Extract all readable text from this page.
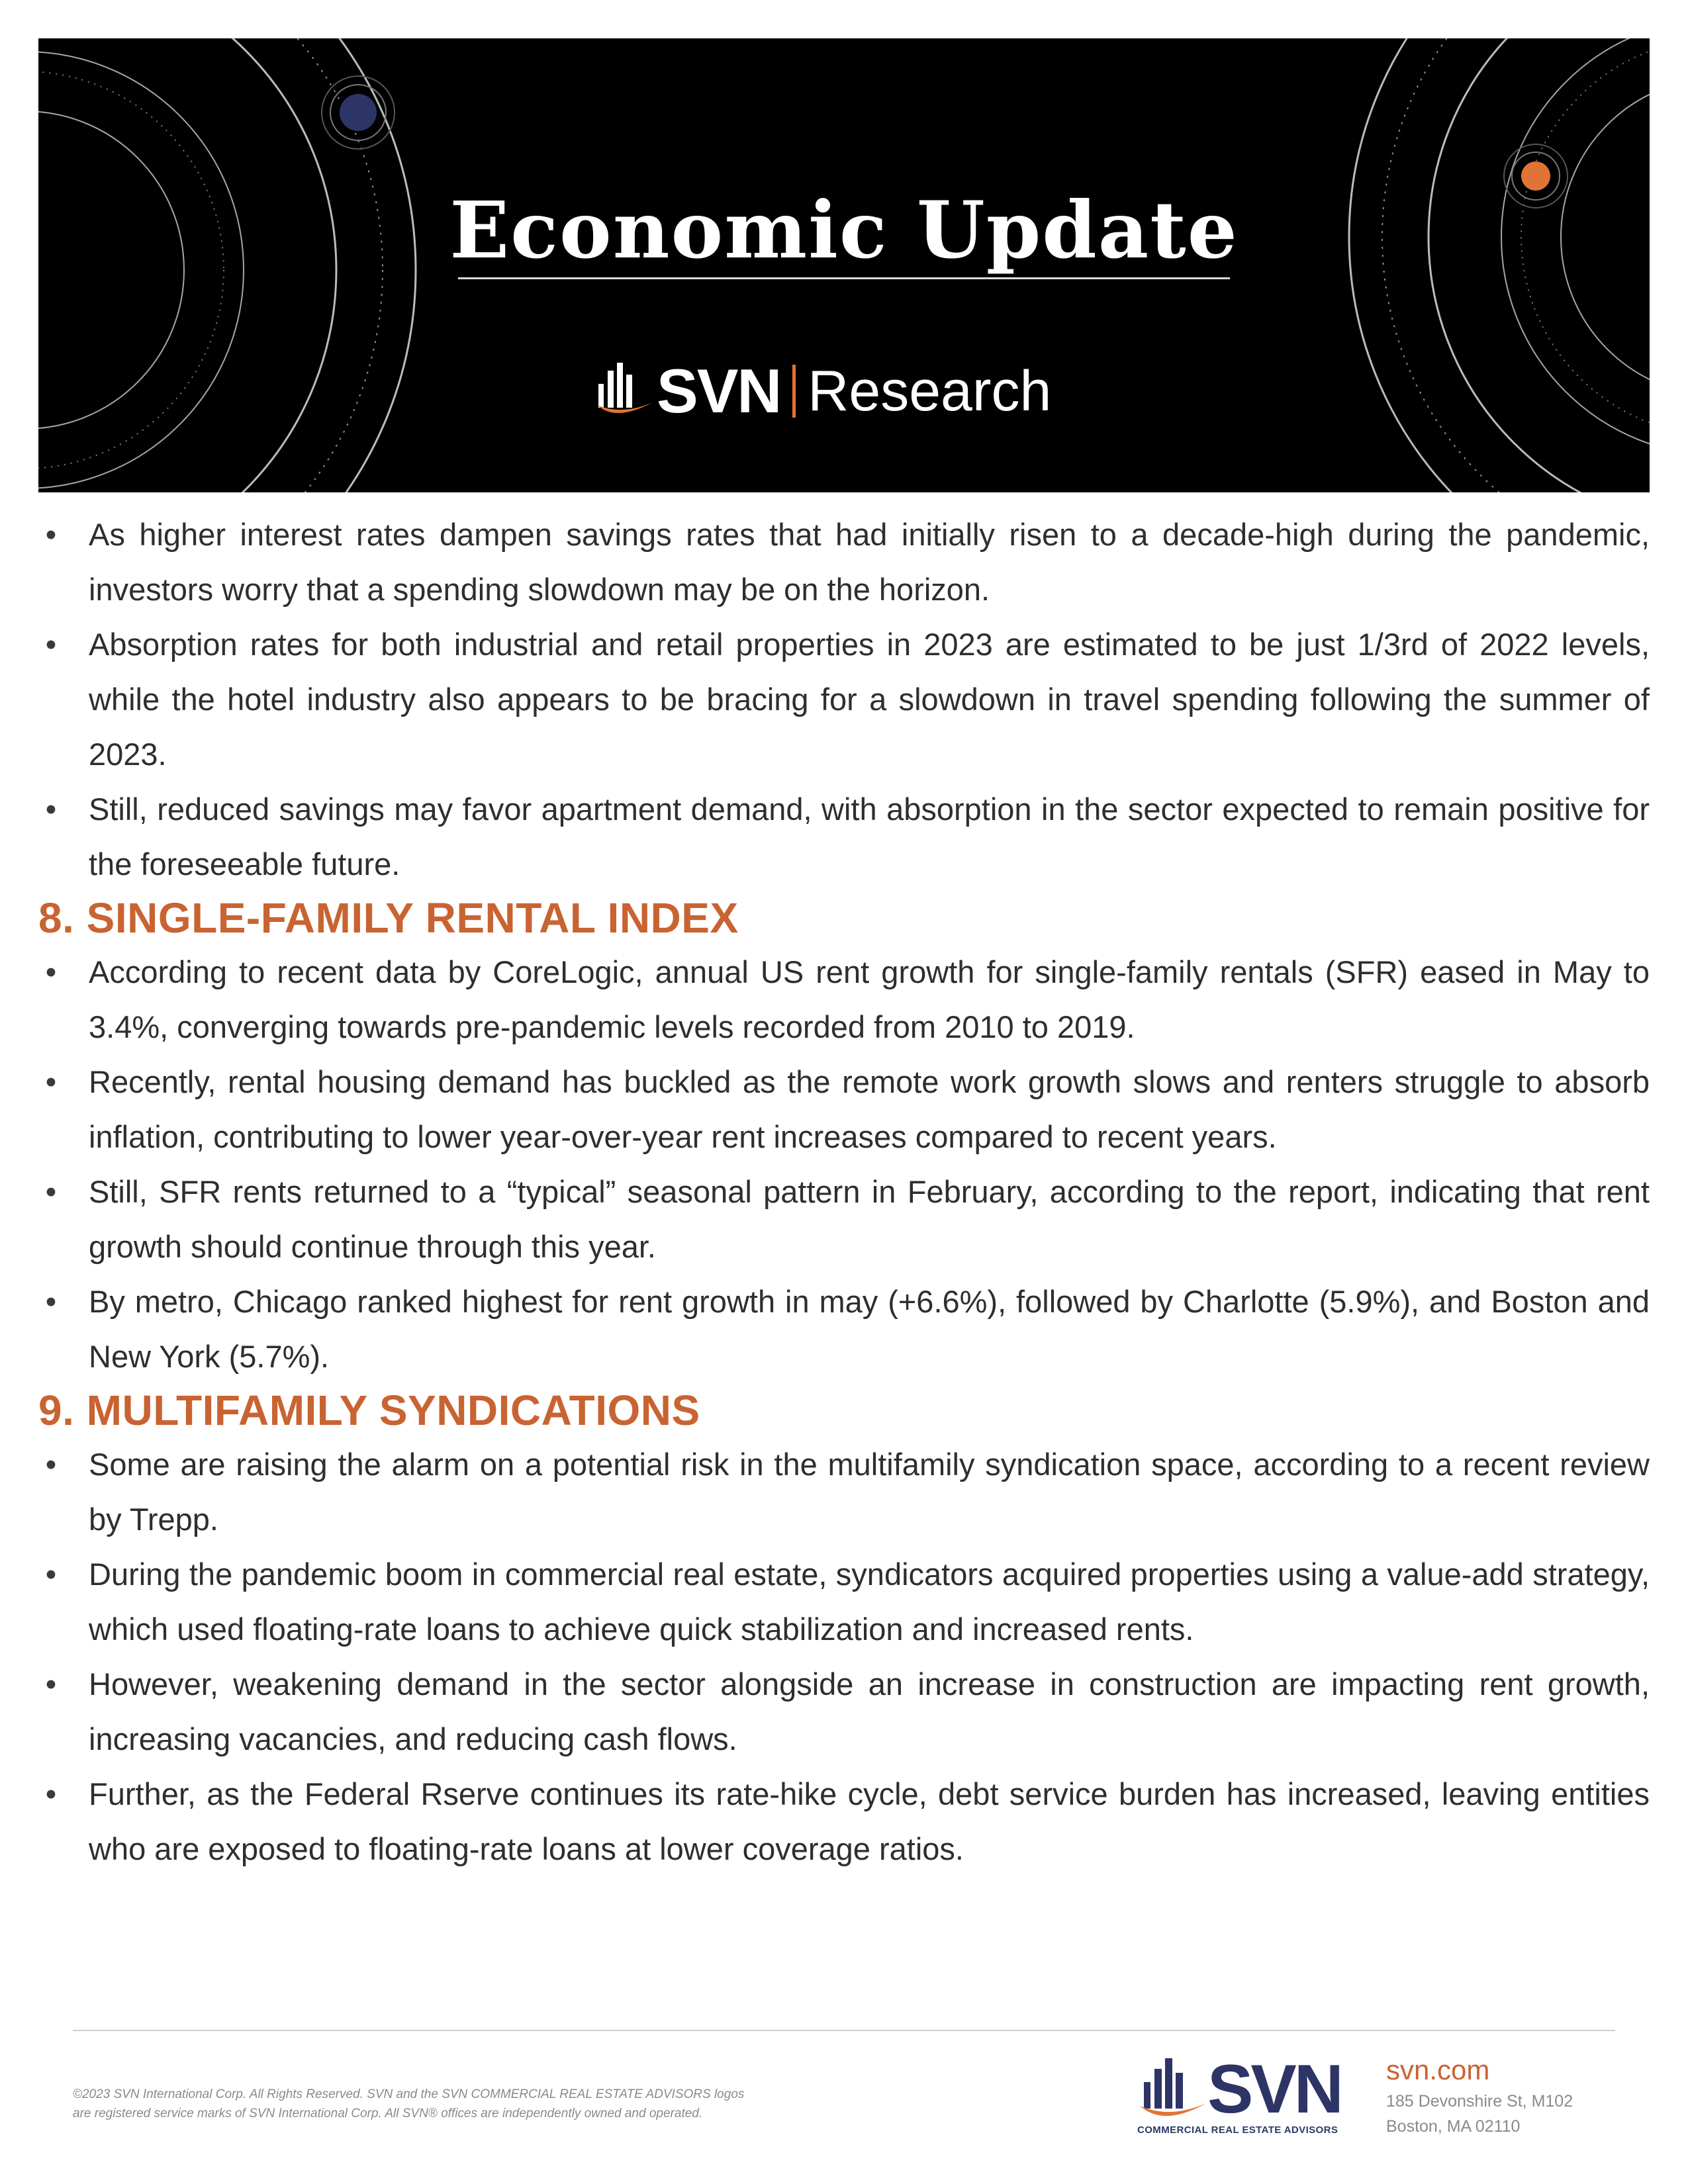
Economic Update
SVN Research
• As higher interest rates dampen savings rates that had initially risen to a decade-high during the pandemic, investors worry that a spending slowdown may be on the horizon.
• Absorption rates for both industrial and retail properties in 2023 are estimated to be just 1/3rd of 2022 levels, while the hotel industry also appears to be bracing for a slowdown in travel spending following the summer of 2023.
• Still, reduced savings may favor apartment demand, with absorption in the sector expected to remain positive for the foreseeable future.
8. SINGLE-FAMILY RENTAL INDEX
• According to recent data by CoreLogic, annual US rent growth for single-family rentals (SFR) eased in May to 3.4%, converging towards pre-pandemic levels recorded from 2010 to 2019.
• Recently, rental housing demand has buckled as the remote work growth slows and renters struggle to absorb inflation, contributing to lower year-over-year rent increases compared to recent years.
• Still, SFR rents returned to a “typical” seasonal pattern in February, according to the report, indicating that rent growth should continue through this year.
• By metro, Chicago ranked highest for rent growth in may (+6.6%), followed by Charlotte (5.9%), and Boston and New York (5.7%).
9. MULTIFAMILY SYNDICATIONS
• Some are raising the alarm on a potential risk in the multifamily syndication space, according to a recent review by Trepp.
• During the pandemic boom in commercial real estate, syndicators acquired properties using a value-add strategy, which used floating-rate loans to achieve quick stabilization and increased rents.
• However, weakening demand in the sector alongside an increase in construction are impacting rent growth, increasing vacancies, and reducing cash flows.
• Further, as the Federal Rserve continues its rate-hike cycle, debt service burden has increased, leaving entities who are exposed to floating-rate loans at lower coverage ratios.
©2023 SVN International Corp. All Rights Reserved. SVN and the SVN COMMERCIAL REAL ESTATE ADVISORS logos
are registered service marks of SVN International Corp. All SVN® offices are independently owned and operated.	SVN
COMMERCIAL REAL ESTATE ADVISORS
svn.com
185 Devonshire St, M102
Boston, MA 02110
